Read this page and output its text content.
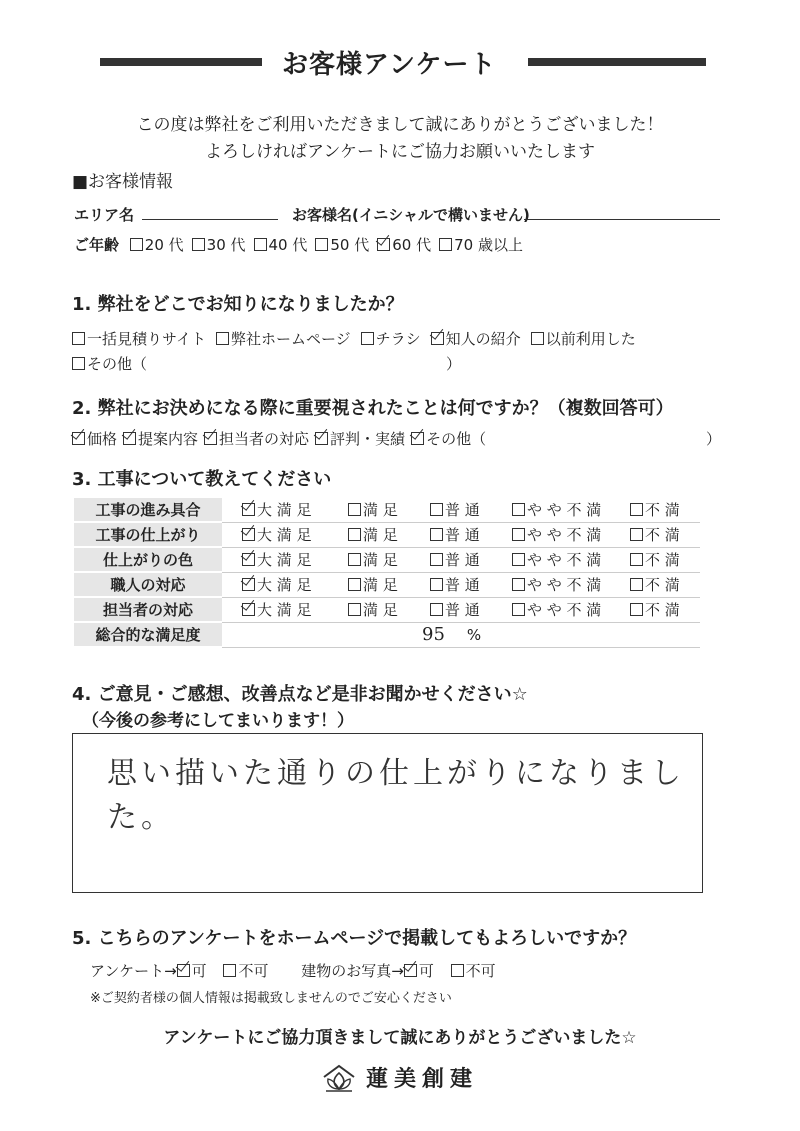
お客様アンケート
この度は弊社をご利用いただきまして誠にありがとうございました！
よろしければアンケートにご協力お願いいたします
■お客様情報
エリア名	お客様名(イニシャルで構いません)
ご年齢 20 代 30 代 40 代 50 代 60 代 70 歳以上
1. 弊社をどこでお知りになりましたか？
一括見積りサイト 弊社ホームページ チラシ 知人の紹介 以前利用した
その他（	）
2. 弊社にお決めになる際に重要視されたことは何ですか？（複数回答可）
価格 提案内容 担当者の対応 評判・実績 その他（	）
3. 工事について教えてください
工事の進み具合	大 満 足	満 足	普 通	や や 不 満	不 満
工事の仕上がり	大 満 足	満 足	普 通	や や 不 満	不 満
仕上がりの色	大 満 足	満 足	普 通	や や 不 満	不 満
職人の対応	大 満 足	満 足	普 通	や や 不 満	不 満
担当者の対応	大 満 足	満 足	普 通	や や 不 満	不 満
総合的な満足度	95 %				
4. ご意見・ご感想、改善点など是非お聞かせください☆
（今後の参考にしてまいります！）
思い描いた通りの仕上がりになりました。
5. こちらのアンケートをホームページで掲載してもよろしいですか？
アンケート→ 可 不可 建物のお写真→ 可 不可
※ご契約者様の個人情報は掲載致しませんのでご安心ください
アンケートにご協力頂きまして誠にありがとうございました☆
蓮美創建
